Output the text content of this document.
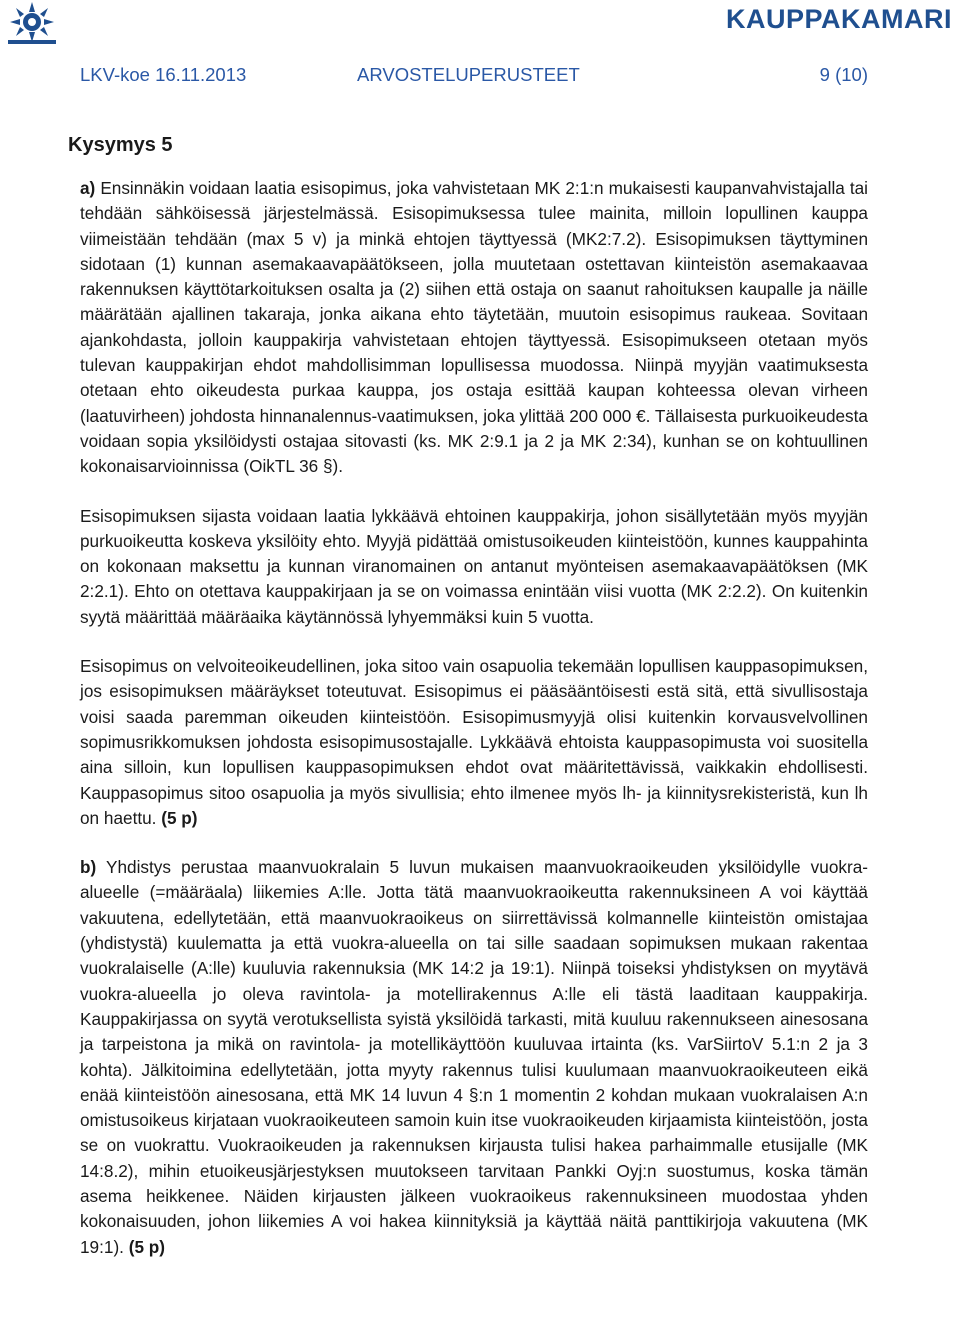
KAUPPAKAMARI
LKV-koe 16.11.2013	ARVOSTELUPERUSTEET	9 (10)
Kysymys 5

a) Ensinnäkin voidaan laatia esisopimus, joka vahvistetaan MK 2:1:n mukaisesti kaupanvahvistajalla tai tehdään sähköisessä järjestelmässä. Esisopimuksessa tulee mainita, milloin lopullinen kauppa viimeistään tehdään (max 5 v) ja minkä ehtojen täyttyessä (MK2:7.2). Esisopimuksen täyttyminen sidotaan (1) kunnan asemakaavapäätökseen, jolla muutetaan ostettavan kiinteistön asemakaavaa rakennuksen käyttötarkoituksen osalta ja (2) siihen että ostaja on saanut rahoituksen kaupalle ja näille määrätään ajallinen takaraja, jonka aikana ehto täytetään, muutoin esisopimus raukeaa. Sovitaan ajankohdasta, jolloin kauppakirja vahvistetaan ehtojen täyttyessä. Esisopimukseen otetaan myös tulevan kauppakirjan ehdot mahdollisimman lopullisessa muodossa. Niinpä myyjän vaatimuksesta otetaan ehto oikeudesta purkaa kauppa, jos ostaja esittää kaupan kohteessa olevan virheen (laatuvirheen) johdosta hinnanalennus-vaatimuksen, joka ylittää 200 000 €. Tällaisesta purkuoikeudesta voidaan sopia yksilöidysti ostajaa sitovasti (ks. MK 2:9.1 ja 2 ja MK 2:34), kunhan se on kohtuullinen kokonaisarvioinnissa (OikTL 36 §).

Esisopimuksen sijasta voidaan laatia lykkäävä ehtoinen kauppakirja, johon sisällytetään myös myyjän purkuoikeutta koskeva yksilöity ehto. Myyjä pidättää omistusoikeuden kiinteistöön, kunnes kauppahinta on kokonaan maksettu ja kunnan viranomainen on antanut myönteisen asemakaavapäätöksen (MK 2:2.1). Ehto on otettava kauppakirjaan ja se on voimassa enintään viisi vuotta (MK 2:2.2). On kuitenkin syytä määrittää määräaika käytännössä lyhyemmäksi kuin 5 vuotta.

Esisopimus on velvoiteoikeudellinen, joka sitoo vain osapuolia tekemään lopullisen kauppasopimuksen, jos esisopimuksen määräykset toteutuvat. Esisopimus ei pääsääntöisesti estä sitä, että sivullisostaja voisi saada paremman oikeuden kiinteistöön. Esisopimusmyyjä olisi kuitenkin korvausvelvollinen sopimusrikkomuksen johdosta esisopimusostajalle. Lykkäävä ehtoista kauppasopimusta voi suositella aina silloin, kun lopullisen kauppasopimuksen ehdot ovat määritettävissä, vaikkakin ehdollisesti. Kauppasopimus sitoo osapuolia ja myös sivullisia; ehto ilmenee myös lh- ja kiinnitysrekisteristä, kun lh on haettu. (5 p)

b) Yhdistys perustaa maanvuokralain 5 luvun mukaisen maanvuokraoikeuden yksilöidylle vuokra-alueelle (=määräala) liikemies A:lle. Jotta tätä maanvuokraoikeutta rakennuksineen A voi käyttää vakuutena, edellytetään, että maanvuokraoikeus on siirrettävissä kolmannelle kiinteistön omistajaa (yhdistystä) kuulematta ja että vuokra-alueella on tai sille saadaan sopimuksen mukaan rakentaa vuokralaiselle (A:lle) kuuluvia rakennuksia (MK 14:2 ja 19:1). Niinpä toiseksi yhdistyksen on myytävä vuokra-alueella jo oleva ravintola- ja motellirakennus A:lle eli tästä laaditaan kauppakirja. Kauppakirjassa on syytä verotuksellista syistä yksilöidä tarkasti, mitä kuuluu rakennukseen ainesosana ja tarpeistona ja mikä on ravintola- ja motellikäyttöön kuuluvaa irtainta (ks. VarSiirtoV 5.1:n 2 ja 3 kohta). Jälkitoimina edellytetään, jotta myyty rakennus tulisi kuulumaan maanvuokraoikeuteen eikä enää kiinteistöön ainesosana, että MK 14 luvun 4 §:n 1 momentin 2 kohdan mukaan vuokralaisen A:n omistusoikeus kirjataan vuokraoikeuteen samoin kuin itse vuokraoikeuden kirjaamista kiinteistöön, josta se on vuokrattu. Vuokraoikeuden ja rakennuksen kirjausta tulisi hakea parhaimmalle etusijalle (MK 14:8.2), mihin etuoikeusjärjestyksen muutokseen tarvitaan Pankki Oyj:n suostumus, koska tämän asema heikkenee. Näiden kirjausten jälkeen vuokraoikeus rakennuksineen muodostaa yhden kokonaisuuden, johon liikemies A voi hakea kiinnityksiä ja käyttää näitä panttikirjoja vakuutena (MK 19:1). (5 p)
